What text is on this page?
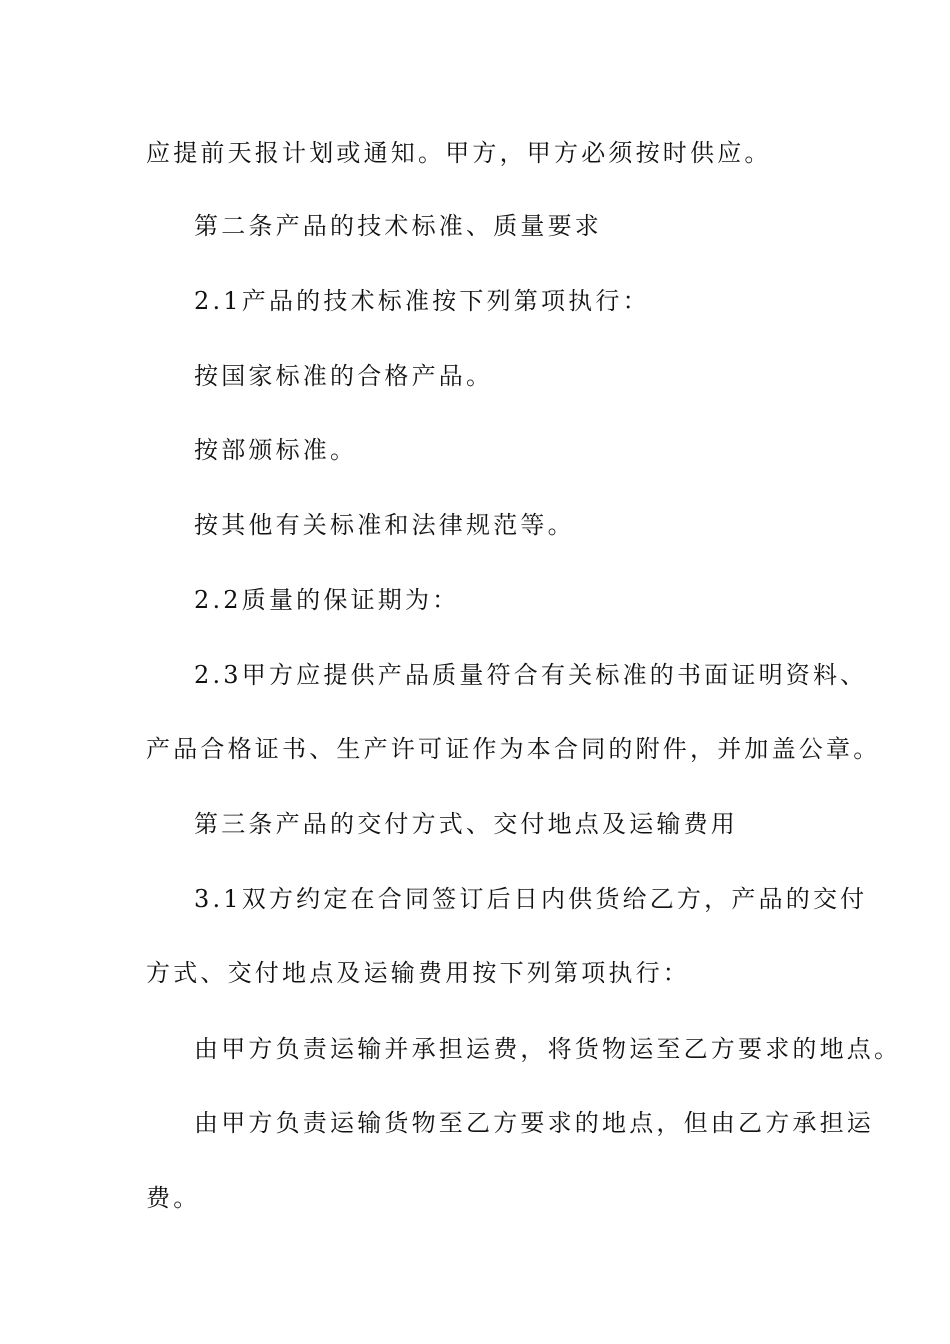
应提前天报计划或通知。甲方，甲方必须按时供应。

第二条产品的技术标准、质量要求

2.1产品的技术标准按下列第项执行：

按国家标准的合格产品。

按部颁标准。

按其他有关标准和法律规范等。

2.2质量的保证期为：

2.3甲方应提供产品质量符合有关标准的书面证明资料、

产品合格证书、生产许可证作为本合同的附件，并加盖公章。

第三条产品的交付方式、交付地点及运输费用

3.1双方约定在合同签订后日内供货给乙方，产品的交付

方式、交付地点及运输费用按下列第项执行：

由甲方负责运输并承担运费，将货物运至乙方要求的地点。

由甲方负责运输货物至乙方要求的地点，但由乙方承担运

费。
